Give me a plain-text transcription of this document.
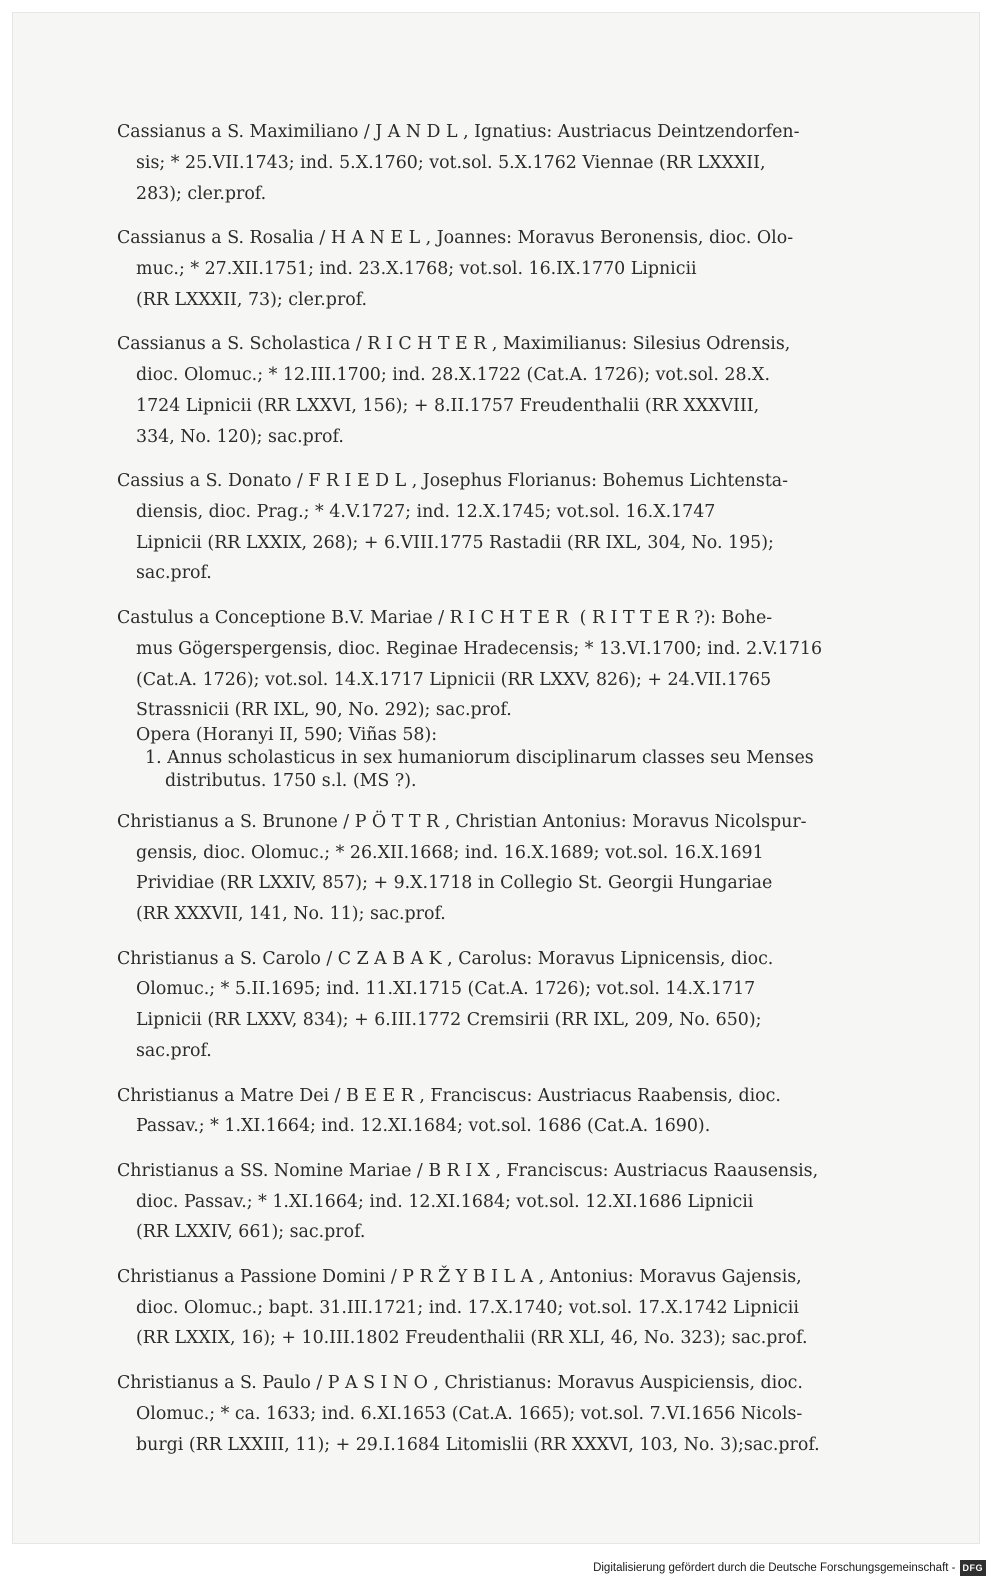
Cassianus a S. Maximiliano / J A N D L , Ignatius: Austriacus Deintzendorfen-
sis; * 25.VII.1743; ind. 5.X.1760; vot.sol. 5.X.1762 Viennae (RR LXXXII,
283); cler.prof.
Cassianus a S. Rosalia / H A N E L , Joannes: Moravus Beronensis, dioc. Olo-
muc.; * 27.XII.1751; ind. 23.X.1768; vot.sol. 16.IX.1770 Lipnicii
(RR LXXXII, 73); cler.prof.
Cassianus a S. Scholastica / R I C H T E R , Maximilianus: Silesius Odrensis,
dioc. Olomuc.; * 12.III.1700; ind. 28.X.1722 (Cat.A. 1726); vot.sol. 28.X.
1724 Lipnicii (RR LXXVI, 156); + 8.II.1757 Freudenthalii (RR XXXVIII,
334, No. 120); sac.prof.
Cassius a S. Donato / F R I E D L , Josephus Florianus: Bohemus Lichtensta-
diensis, dioc. Prag.; * 4.V.1727; ind. 12.X.1745; vot.sol. 16.X.1747
Lipnicii (RR LXXIX, 268); + 6.VIII.1775 Rastadii (RR IXL, 304, No. 195);
sac.prof.
Castulus a Conceptione B.V. Mariae / R I C H T E R  ( R I T T E R ?): Bohe-
mus Gögerspergensis, dioc. Reginae Hradecensis; * 13.VI.1700; ind. 2.V.1716
(Cat.A. 1726); vot.sol. 14.X.1717 Lipnicii (RR LXXV, 826); + 24.VII.1765
Strassnicii (RR IXL, 90, No. 292); sac.prof.
Opera (Horanyi II, 590; Viñas 58):
1. Annus scholasticus in sex humaniorum disciplinarum classes seu Menses
distributus. 1750 s.l. (MS ?).
Christianus a S. Brunone / P Ö T T R , Christian Antonius: Moravus Nicolspur-
gensis, dioc. Olomuc.; * 26.XII.1668; ind. 16.X.1689; vot.sol. 16.X.1691
Prividiae (RR LXXIV, 857); + 9.X.1718 in Collegio St. Georgii Hungariae
(RR XXXVII, 141, No. 11); sac.prof.
Christianus a S. Carolo / C Z A B A K , Carolus: Moravus Lipnicensis, dioc.
Olomuc.; * 5.II.1695; ind. 11.XI.1715 (Cat.A. 1726); vot.sol. 14.X.1717
Lipnicii (RR LXXV, 834); + 6.III.1772 Cremsirii (RR IXL, 209, No. 650);
sac.prof.
Christianus a Matre Dei / B E E R , Franciscus: Austriacus Raabensis, dioc.
Passav.; * 1.XI.1664; ind. 12.XI.1684; vot.sol. 1686 (Cat.A. 1690).
Christianus a SS. Nomine Mariae / B R I X , Franciscus: Austriacus Raausensis,
dioc. Passav.; * 1.XI.1664; ind. 12.XI.1684; vot.sol. 12.XI.1686 Lipnicii
(RR LXXIV, 661); sac.prof.
Christianus a Passione Domini / P R Ž Y B I L A , Antonius: Moravus Gajensis,
dioc. Olomuc.; bapt. 31.III.1721; ind. 17.X.1740; vot.sol. 17.X.1742 Lipnicii
(RR LXXIX, 16); + 10.III.1802 Freudenthalii (RR XLI, 46, No. 323); sac.prof.
Christianus a S. Paulo / P A S I N O , Christianus: Moravus Auspiciensis, dioc.
Olomuc.; * ca. 1633; ind. 6.XI.1653 (Cat.A. 1665); vot.sol. 7.VI.1656 Nicols-
burgi (RR LXXIII, 11); + 29.I.1684 Litomislii (RR XXXVI, 103, No. 3);sac.prof.
Digitalisierung gefördert durch die Deutsche Forschungsgemeinschaft - DFG
